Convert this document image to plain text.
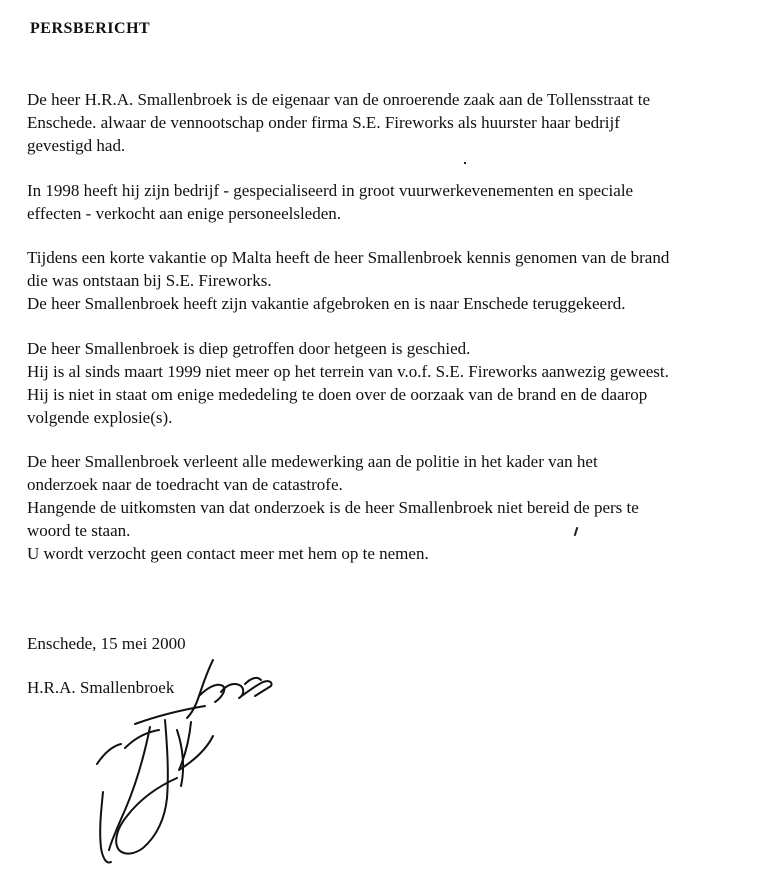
PERSBERICHT
De heer H.R.A. Smallenbroek is de eigenaar van de onroerende zaak aan de Tollensstraat te
Enschede. alwaar de vennootschap onder firma S.E. Fireworks als huurster haar bedrijf
gevestigd had.
In 1998 heeft hij zijn bedrijf - gespecialiseerd in groot vuurwerkevenementen en speciale
effecten - verkocht aan enige personeelsleden.
Tijdens een korte vakantie op Malta heeft de heer Smallenbroek kennis genomen van de brand
die was ontstaan bij S.E. Fireworks.
De heer Smallenbroek heeft zijn vakantie afgebroken en is naar Enschede teruggekeerd.
De heer Smallenbroek is diep getroffen door hetgeen is geschied.
Hij is al sinds maart 1999 niet meer op het terrein van v.o.f. S.E. Fireworks aanwezig geweest.
Hij is niet in staat om enige mededeling te doen over de oorzaak van de brand en de daarop
volgende explosie(s).
De heer Smallenbroek verleent alle medewerking aan de politie in het kader van het
onderzoek naar de toedracht van de catastrofe.
Hangende de uitkomsten van dat onderzoek is de heer Smallenbroek niet bereid de pers te
woord te staan.
U wordt verzocht geen contact meer met hem op te nemen.
Enschede, 15 mei 2000
H.R.A. Smallenbroek
